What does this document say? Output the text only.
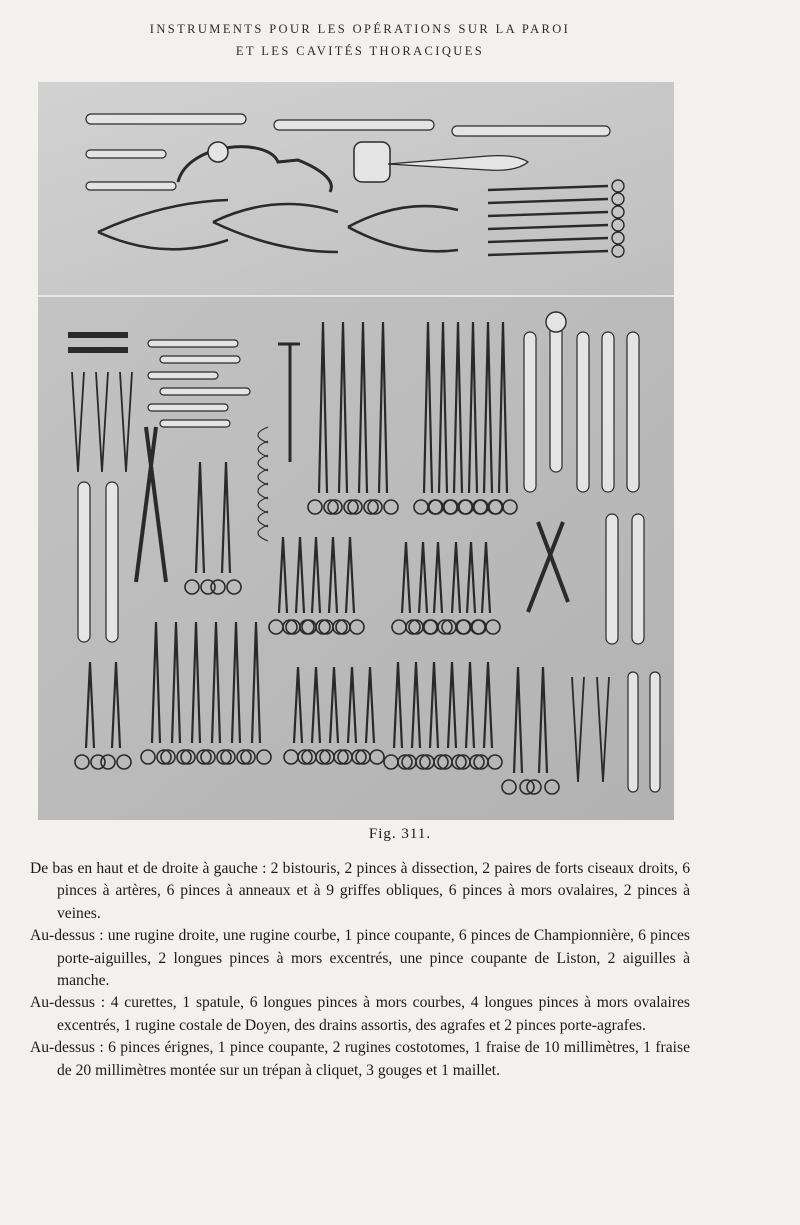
INSTRUMENTS POUR LES OPÉRATIONS SUR LA PAROI
ET LES CAVITÉS THORACIQUES
Fig. 311.

De bas en haut et de droite à gauche : 2 bistouris, 2 pinces à dissection, 2 paires de forts ciseaux droits, 6 pinces à artères, 6 pinces à anneaux et à 9 griffes obliques, 6 pinces à mors ovalaires, 2 pinces à veines.

Au-dessus : une rugine droite, une rugine courbe, 1 pince coupante, 6 pinces de Championnière, 6 pinces porte-aiguilles, 2 longues pinces à mors excentrés, une pince coupante de Liston, 2 aiguilles à manche.

Au-dessus : 4 curettes, 1 spatule, 6 longues pinces à mors courbes, 4 longues pinces à mors ovalaires excentrés, 1 rugine costale de Doyen, des drains assortis, des agrafes et 2 pinces porte-agrafes.

Au-dessus : 6 pinces érignes, 1 pince coupante, 2 rugines costotomes, 1 fraise de 10 millimètres, 1 fraise de 20 millimètres montée sur un trépan à cliquet, 3 gouges et 1 maillet.
